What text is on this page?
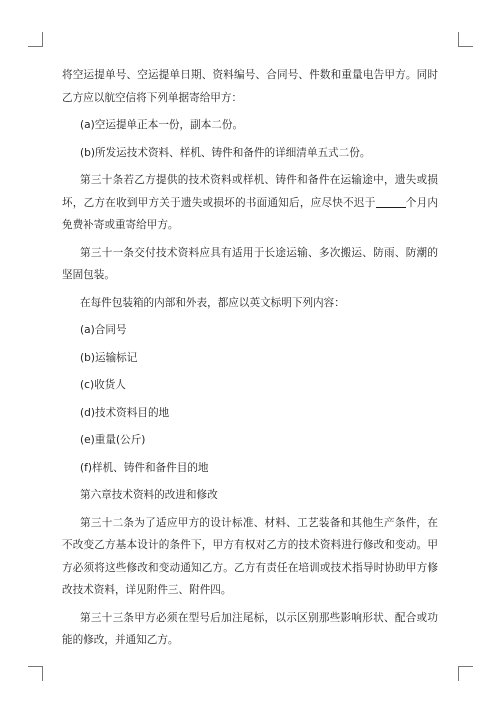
将空运提单号、空运提单日期、资料编号、合同号、件数和重量电告甲方。同时乙方应以航空信将下列单据寄给甲方：

(a)空运提单正本一份，副本二份。

(b)所发运技术资料、样机、铸件和备件的详细清单五式二份。

第三十条若乙方提供的技术资料或样机、铸件和备件在运输途中，遗失或损坏，乙方在收到甲方关于遗失或损坏的书面通知后，应尽快不迟于	个月内免费补寄或重寄给甲方。

第三十一条交付技术资料应具有适用于长途运输、多次搬运、防雨、防潮的坚固包装。

在每件包装箱的内部和外表，都应以英文标明下列内容：

(a)合同号

(b)运输标记

(c)收货人

(d)技术资料目的地

(e)重量(公斤)

(f)样机、铸件和备件目的地

第六章技术资料的改进和修改

第三十二条为了适应甲方的设计标准、材料、工艺装备和其他生产条件，在不改变乙方基本设计的条件下，甲方有权对乙方的技术资料进行修改和变动。甲方必须将这些修改和变动通知乙方。乙方有责任在培训或技术指导时协助甲方修改技术资料，详见附件三、附件四。

第三十三条甲方必须在型号后加注尾标，以示区别那些影响形状、配合或功能的修改，并通知乙方。
